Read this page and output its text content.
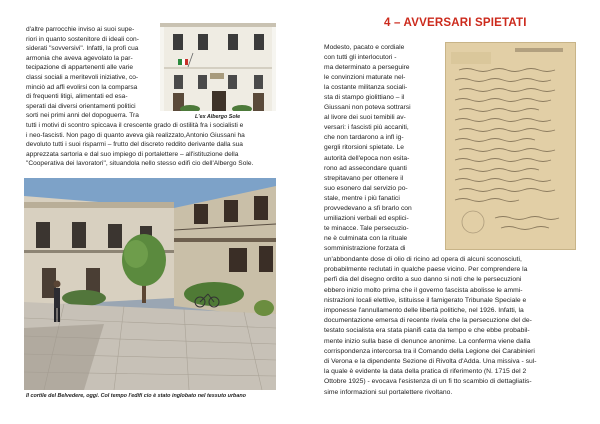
d'altre parrocchie inviso ai suoi supe-

riori in quanto sostenitore di ideali con-

siderati "sovversivi". Infatti, la profi cua

armonia che aveva agevolato la par-

tecipazione di appartenenti alle varie

classi sociali a meritevoli iniziative, co-

minciò ad affi evolirsi con la comparsa

di frequenti litigi, alimentati ed esa-

sperati dai diversi orientamenti politici

sorti nei primi anni del dopoguerra. Tra	L'ex Albergo Sole

tutti i motivi di scontro spiccava il crescente grado di ostilità fra i socialisti e

i neo-fascisti. Non pago di quanto aveva già realizzato,Antonio Giussani ha

devoluto tutti i suoi risparmi – frutto del discreto reddito derivante dalla sua

apprezzata sartoria e dal suo impiego di portalettere – all'istituzione della

"Cooperativa dei lavoratori", situandola nello stesso edifi cio dell'Albergo Sole.

Il cortile del Belvedere, oggi. Col tempo l'edifi cio è stato inglobato nel tessuto urbano
4 – AVVERSARI SPIETATI

Modesto, pacato e cordiale

con tutti gli interlocutori -

ma determinato a perseguire

le convinzioni maturate nel-

la costante militanza sociali-

sta di stampo giolittiano – il

Giussani non poteva sottrarsi

al livore dei suoi temibili av-

versari: i fascisti più accaniti,

che non tardarono a infl ig-

gergli ritorsioni spietate. Le

autorità dell'epoca non esita-

rono ad assecondare quanti

strepitavano per ottenere il

suo esonero dal servizio po-

stale, mentre i più fanatici

provvedevano a sfi brarlo con

umiliazioni verbali ed esplici-

te minacce. Tale persecuzio-

ne è culminata con la rituale

somministrazione forzata di

un'abbondante dose di olio di ricino ad opera di alcuni sconosciuti,

probabilmente reclutati in qualche paese vicino. Per comprendere la

perfi dia del disegno ordito a suo danno si noti che le persecuzioni

ebbero inizio molto prima che il governo fascista abolisse le ammi-

nistrazioni locali elettive, istituisse il famigerato Tribunale Speciale e

imponesse l'annullamento delle libertà politiche, nel 1926. Infatti, la

documentazione emersa di recente rivela che la persecuzione del de-

testato socialista era stata pianifi cata da tempo e che ebbe probabil-

mente inizio sulla base di denunce anonime. La conferma viene dalla

corrispondenza intercorsa tra il Comando della Legione dei Carabinieri

di Verona e la dipendente Sezione di Rivolta d'Adda. Una missiva - sul-

la quale è evidente la data della pratica di riferimento (N. 1715 del 2

Ottobre 1925) - evocava l'esistenza di un fi tto scambio di dettagliatis-

sime informazioni sul portalettere rivoltano.
